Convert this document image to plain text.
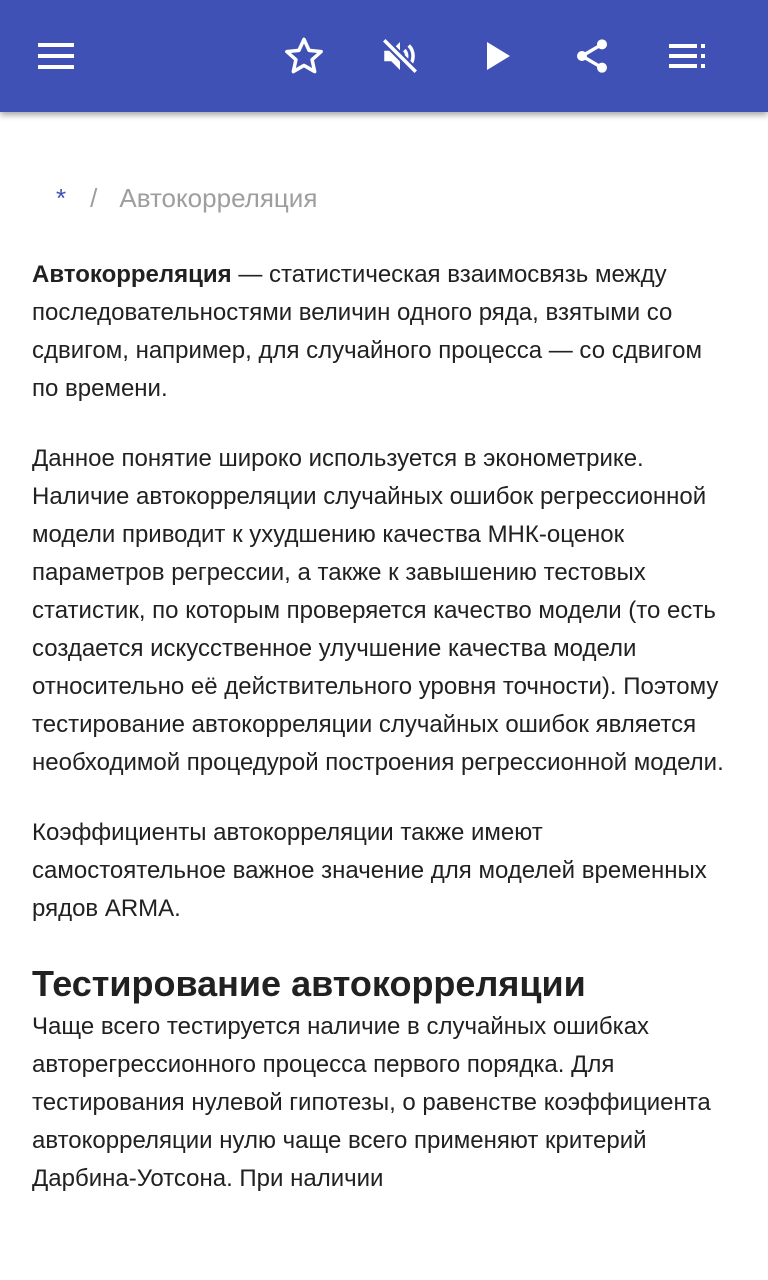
* / Автокорреляция

Автокорреляция — статистическая взаимосвязь между последовательностями величин одного ряда, взятыми со сдвигом, например, для случайного процесса — со сдвигом по времени.

Данное понятие широко используется в эконометрике. Наличие автокорреляции случайных ошибок регрессионной модели приводит к ухудшению качества МНК-оценок параметров регрессии, а также к завышению тестовых статистик, по которым проверяется качество модели (то есть создается искусственное улучшение качества модели относительно её действительного уровня точности). Поэтому тестирование автокорреляции случайных ошибок является необходимой процедурой построения регрессионной модели.

Коэффициенты автокорреляции также имеют самостоятельное важное значение для моделей временных рядов ARMA.

Тестирование автокорреляции

Чаще всего тестируется наличие в случайных ошибках авторегрессионного процесса первого порядка. Для тестирования нулевой гипотезы, о равенстве коэффициента автокорреляции нулю чаще всего применяют критерий Дарбина-Уотсона. При наличии
